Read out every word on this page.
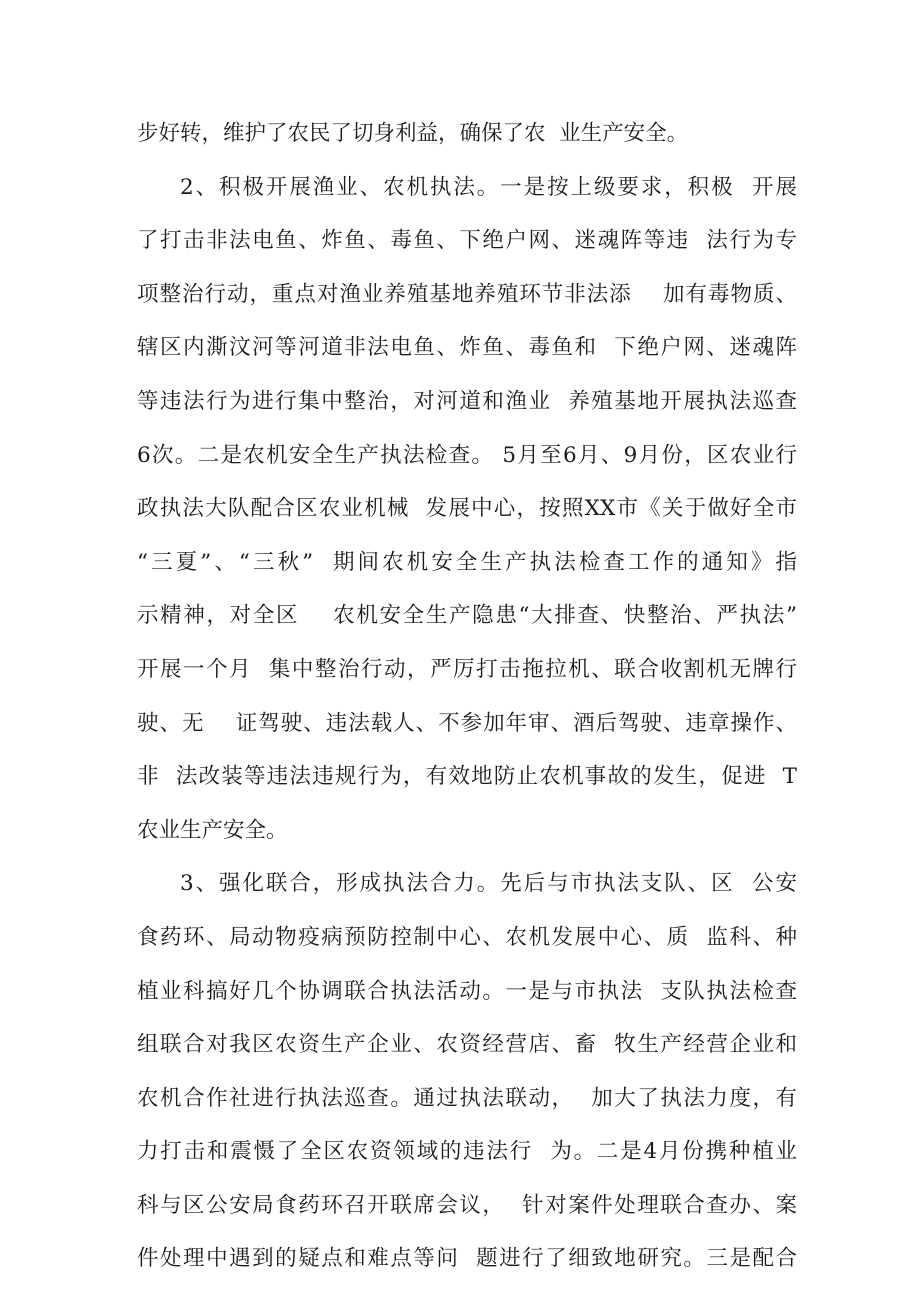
步好转，维护了农民了切身利益，确保了农  业生产安全。
2、积极开展渔业、农机执法。一是按上级要求，积极  开展
了打击非法电鱼、炸鱼、毒鱼、下绝户网、迷魂阵等违  法行为专
项整治行动，重点对渔业养殖基地养殖环节非法添    加有毒物质、
辖区内澌汶河等河道非法电鱼、炸鱼、毒鱼和  下绝户网、迷魂阵
等违法行为进行集中整治，对河道和渔业  养殖基地开展执法巡查
6次。二是农机安全生产执法检查。 5月至6月、9月份，区农业行
政执法大队配合区农业机械  发展中心，按照XX市《关于做好全市
“三夏”、“三秋”  期间农机安全生产执法检查工作的通知》指
示精神，对全区    农机安全生产隐患“大排查、快整治、严执法”
开展一个月  集中整治行动，严厉打击拖拉机、联合收割机无牌行
驶、无    证驾驶、违法载人、不参加年审、酒后驾驶、违章操作、
非  法改装等违法违规行为，有效地防止农机事故的发生，促进  T
农业生产安全。
3、强化联合，形成执法合力。先后与市执法支队、区  公安
食药环、局动物疫病预防控制中心、农机发展中心、质  监科、种
植业科搞好几个协调联合执法活动。一是与市执法  支队执法检查
组联合对我区农资生产企业、农资经营店、畜  牧生产经营企业和
农机合作社进行执法巡查。通过执法联动，  加大了执法力度，有
力打击和震慑了全区农资领域的违法行  为。二是4月份携种植业
科与区公安局食药环召开联席会议，  针对案件处理联合查办、案
件处理中遇到的疑点和难点等问  题进行了细致地研究。三是配合
